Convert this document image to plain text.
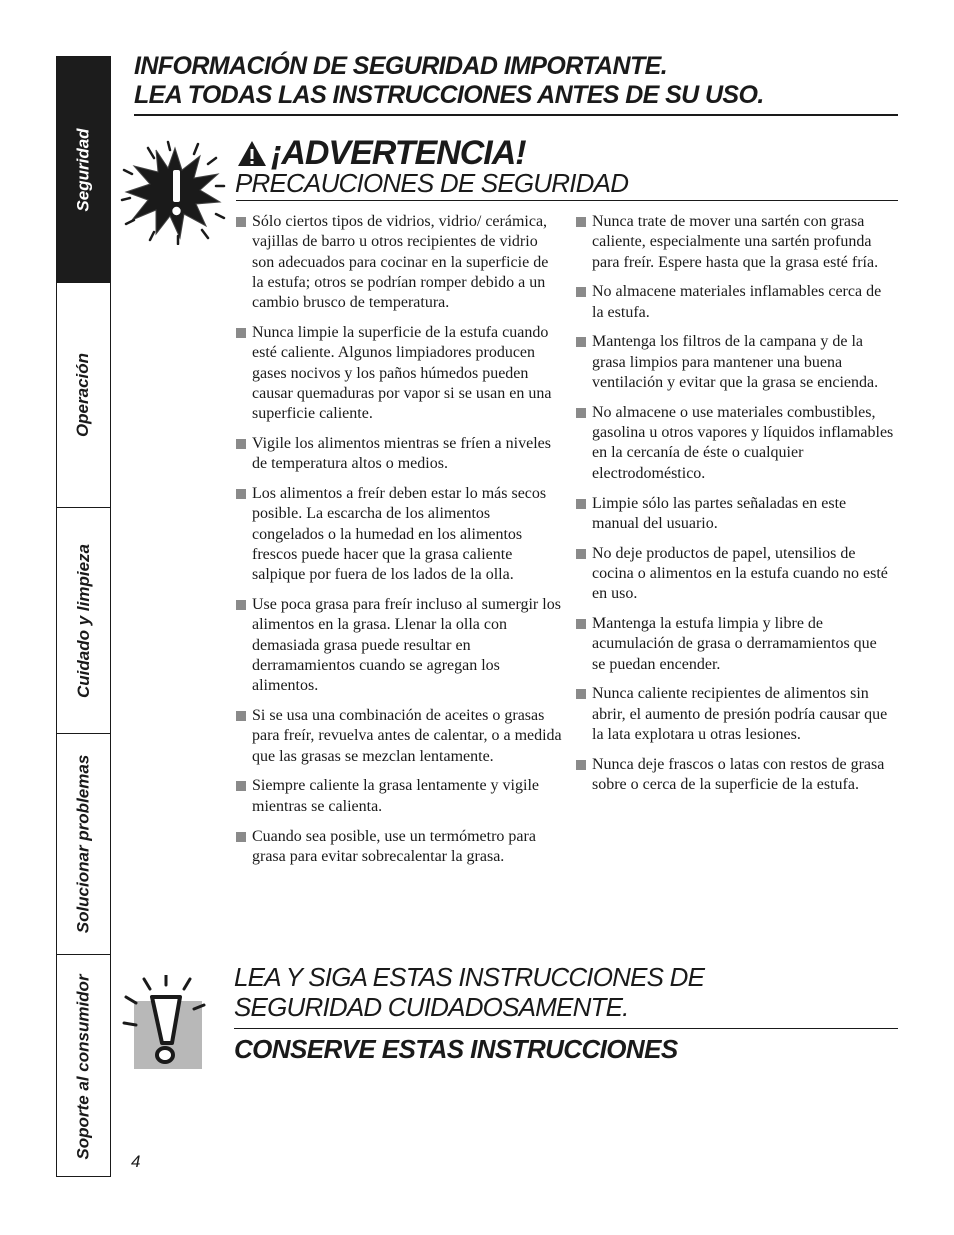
Seguridad
Operación
Cuidado y limpieza
Solucionar problemas
Soporte al consumidor
INFORMACIÓN DE SEGURIDAD IMPORTANTE.
LEA TODAS LAS INSTRUCCIONES ANTES DE SU USO.
¡ADVERTENCIA!
PRECAUCIONES DE SEGURIDAD
Sólo ciertos tipos de vidrios, vidrio/ cerámica, vajillas de barro u otros recipientes de vidrio son adecuados para cocinar en la superficie de la estufa; otros se podrían romper debido a un cambio brusco de temperatura.
Nunca limpie la superficie de la estufa cuando esté caliente. Algunos limpiadores producen gases nocivos y los paños húmedos pueden causar quemaduras por vapor si se usan en una superficie caliente.
Vigile los alimentos mientras se fríen a niveles de temperatura altos o medios.
Los alimentos a freír deben estar lo más secos posible. La escarcha de los alimentos congelados o la humedad en los alimentos frescos puede hacer que la grasa caliente salpique por fuera de los lados de la olla.
Use poca grasa para freír incluso al sumergir los alimentos en la grasa. Llenar la olla con demasiada grasa puede resultar en derramamientos cuando se agregan los alimentos.
Si se usa una combinación de aceites o grasas para freír, revuelva antes de calentar, o a medida que las grasas se mezclan lentamente.
Siempre caliente la grasa lentamente y vigile mientras se calienta.
Cuando sea posible, use un termómetro para grasa para evitar sobrecalentar la grasa.
Nunca trate de mover una sartén con grasa caliente, especialmente una sartén profunda para freír. Espere hasta que la grasa esté fría.
No almacene materiales inflamables cerca de la estufa.
Mantenga los filtros de la campana y de la grasa limpios para mantener una buena ventilación y evitar que la grasa se encienda.
No almacene o use materiales combustibles, gasolina u otros vapores y líquidos inflamables en la cercanía de éste o cualquier electrodoméstico.
Limpie sólo las partes señaladas en este manual del usuario.
No deje productos de papel, utensilios de cocina o alimentos en la estufa cuando no esté en uso.
Mantenga la estufa limpia y libre de acumulación de grasa o derramamientos que se puedan encender.
Nunca caliente recipientes de alimentos sin abrir, el aumento de presión podría causar que la lata explotara u otras lesiones.
Nunca deje frascos o latas con restos de grasa sobre o cerca de la superficie de la estufa.
LEA Y SIGA ESTAS INSTRUCCIONES DE
SEGURIDAD CUIDADOSAMENTE.
CONSERVE ESTAS INSTRUCCIONES
4
